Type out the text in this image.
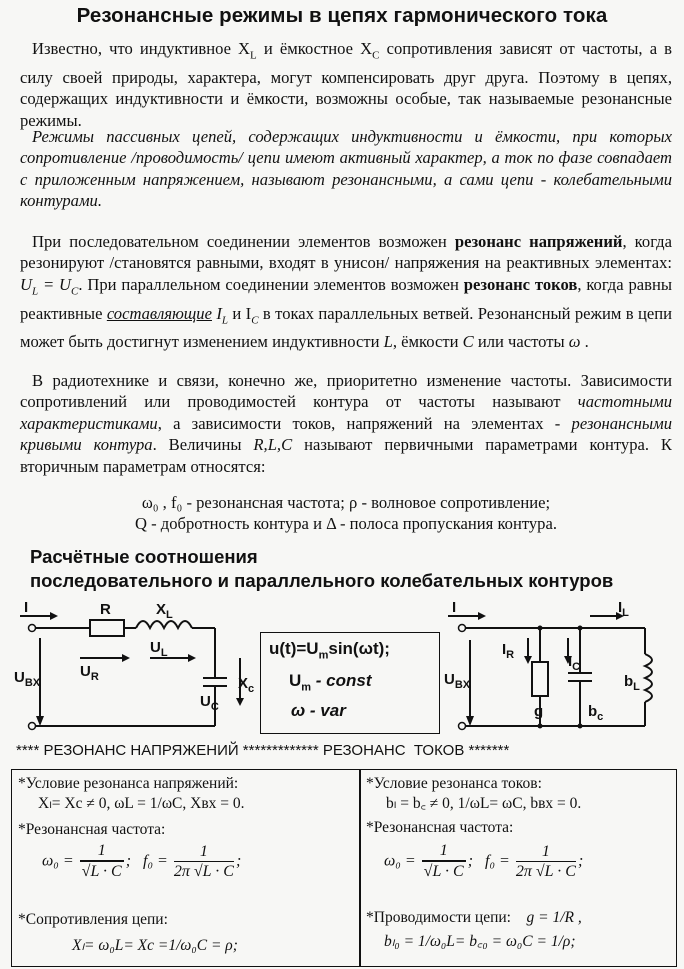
Резонансные режимы в цепях гармонического тока

Известно, что индуктивное $X_L$ и ёмкостное $X_C$ сопротивления зависят от частоты, а в силу своей природы, характера, могут компенсировать друг друга. Поэтому в цепях, содержащих индуктивности и ёмкости, возможны особые, так называемые резонансные режимы.

Режимы пассивных цепей, содержащих индуктивности и ёмкости, при которых сопротивление /проводимость/ цепи имеют активный характер, а ток по фазе совпадает с приложенным напряжением, называют резонансными, а сами цепи - колебательными контурами.

При последовательном соединении элементов возможен резонанс напряжений, когда резонируют /становятся равными, входят в унисон/ напряжения на реактивных элементах: $U_L = U_C$. При параллельном соединении элементов возможен резонанс токов, когда равны реактивные составляющие $I_L$ и $I_C$ в токах параллельных ветвей. Резонансный режим в цепи может быть достигнут изменением индуктивности L, ёмкости C или частоты ω .

В радиотехнике и связи, конечно же, приоритетно изменение частоты. Зависимости сопротивлений или проводимостей контура от частоты называют частотными характеристиками, а зависимости токов, напряжений на элементах - резонансными кривыми контура. Величины R,L,C называют первичными параметрами контура. К вторичным параметрам относятся:

ω₀ , f₀ - резонансная частота; ρ - волновое сопротивление;

Q - добротность контура и Δ - полоса пропускания контура.

Расчётные соотношения
последовательного и параллельного колебательных контуров
I	R	$X_L$
$U_R$
$U_L$
$U_{BX}$
$U_C$
$X_c$
$u(t)=U_m\sin(\omega t)$;
$U_m$ - const
ω - var
I	$I_L$
$I_R$	$I_C$
$U_{BX}$
g
$b_L$
$b_c$
**** РЕЗОНАНС НАПРЯЖЕНИЙ ************* РЕЗОНАНС  ТОКОВ *******
*Условие резонанса напряжений:
Xₗ= Xc ≠ 0, ωL = 1/ωC, Xвх = 0.
*Резонансная частота:
$\omega_0 = \frac{1}{√L \cdot C}$ ; $f_0 = \frac{1}{2\pi √L \cdot C}$ ;
*Сопротивления цепи:
Xₗ= ω₀L= Xc =1/ω₀C = ρ;
*Условие резонанса токов:
bₗ = b꜀ ≠ 0, 1/ωL= ωC, bвх = 0.
*Резонансная частота:
$\omega_0 = \frac{1}{√L \cdot C}$ ; $f_0 = \frac{1}{2\pi √L \cdot C}$ ;
*Проводимости цепи: g = 1/R ,
bₗ₀ = 1/ω₀L= b꜀₀ = ω₀C = 1/ρ;
